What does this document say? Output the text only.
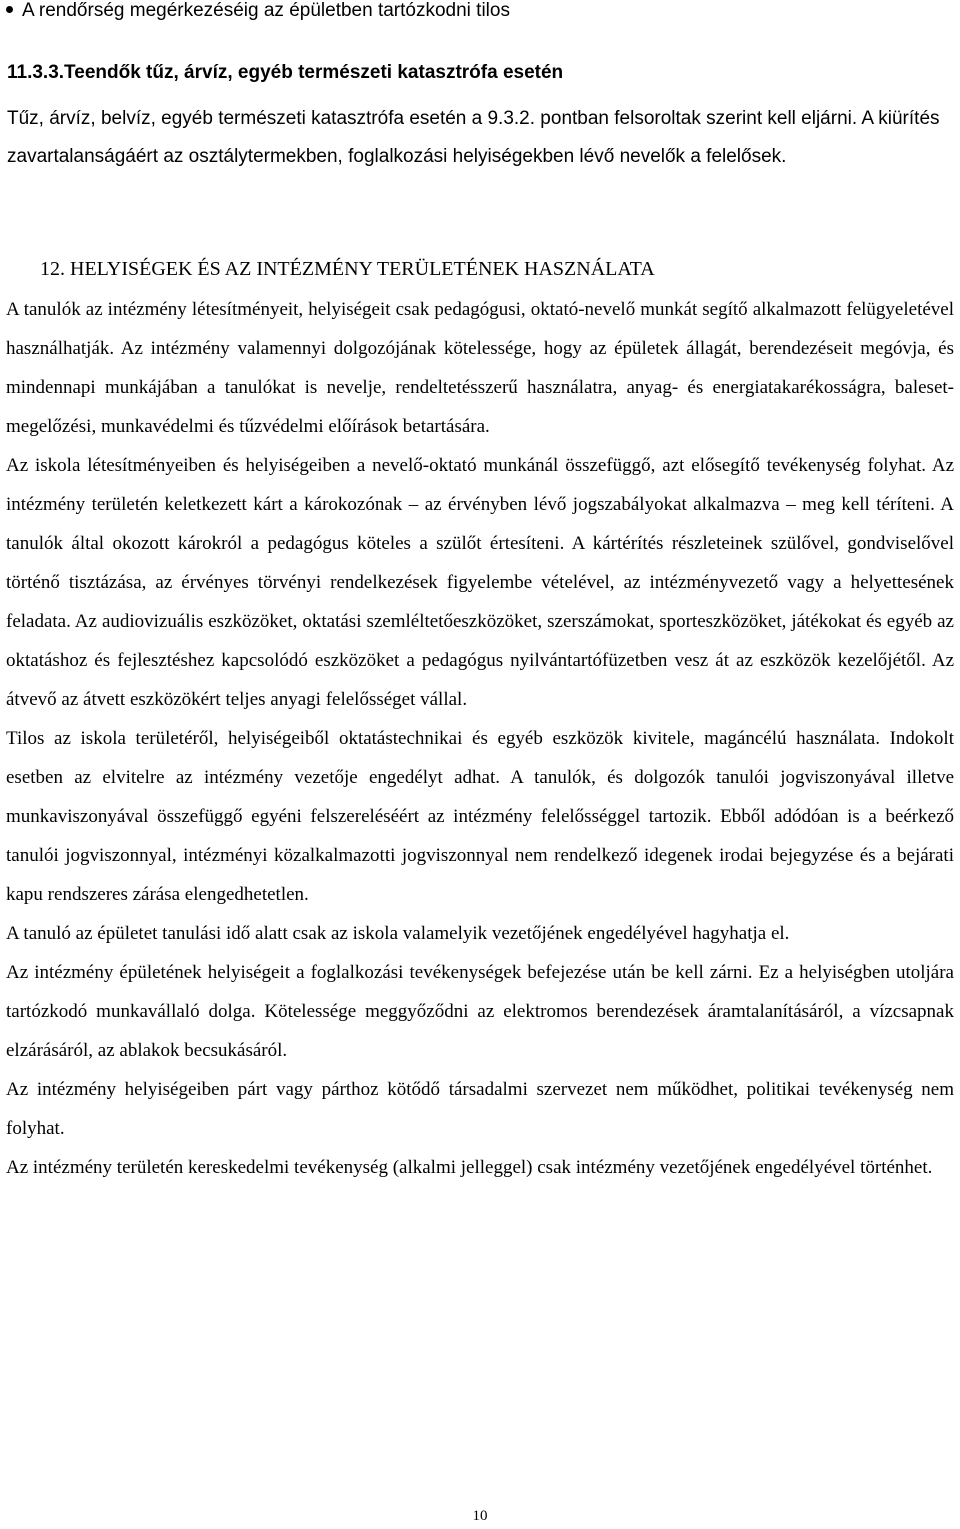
A rendőrség megérkezéséig az épületben tartózkodni tilos
11.3.3.Teendők tűz, árvíz, egyéb természeti katasztrófa esetén

Tűz, árvíz, belvíz, egyéb természeti katasztrófa esetén a 9.3.2. pontban felsoroltak szerint kell eljárni. A kiürítés zavartalanságáért az osztálytermekben, foglalkozási helyiségekben lévő nevelők a felelősek.

12. HELYISÉGEK ÉS AZ INTÉZMÉNY TERÜLETÉNEK HASZNÁLATA

A tanulók az intézmény létesítményeit, helyiségeit csak pedagógusi, oktató-nevelő munkát segítő alkalmazott felügyeletével használhatják. Az intézmény valamennyi dolgozójának kötelessége, hogy az épületek állagát, berendezéseit megóvja, és mindennapi munkájában a tanulókat is nevelje, rendeltetésszerű használatra, anyag- és energiatakarékosságra, baleset-megelőzési, munkavédelmi és tűzvédelmi előírások betartására.

Az iskola létesítményeiben és helyiségeiben a nevelő-oktató munkánál összefüggő, azt elősegítő tevékenység folyhat. Az intézmény területén keletkezett kárt a károkozónak – az érvényben lévő jogszabályokat alkalmazva – meg kell téríteni. A tanulók által okozott károkról a pedagógus köteles a szülőt értesíteni. A kártérítés részleteinek szülővel, gondviselővel történő tisztázása, az érvényes törvényi rendelkezések figyelembe vételével, az intézményvezető vagy a helyettesének feladata. Az audiovizuális eszközöket, oktatási szemléltetőeszközöket, szerszámokat, sporteszközöket, játékokat és egyéb az oktatáshoz és fejlesztéshez kapcsolódó eszközöket a pedagógus nyilvántartófüzetben vesz át az eszközök kezelőjétől. Az átvevő az átvett eszközökért teljes anyagi felelősséget vállal.

Tilos az iskola területéről, helyiségeiből oktatástechnikai és egyéb eszközök kivitele, magáncélú használata. Indokolt esetben az elvitelre az intézmény vezetője engedélyt adhat. A tanulók, és dolgozók tanulói jogviszonyával illetve munkaviszonyával összefüggő egyéni felszereléséért az intézmény felelősséggel tartozik. Ebből adódóan is a beérkező tanulói jogviszonnyal, intézményi közalkalmazotti jogviszonnyal nem rendelkező idegenek irodai bejegyzése és a bejárati kapu rendszeres zárása elengedhetetlen.

A tanuló az épületet tanulási idő alatt csak az iskola valamelyik vezetőjének engedélyével hagyhatja el.

Az intézmény épületének helyiségeit a foglalkozási tevékenységek befejezése után be kell zárni. Ez a helyiségben utoljára tartózkodó munkavállaló dolga. Kötelessége meggyőződni az elektromos berendezések áramtalanításáról, a vízcsapnak elzárásáról, az ablakok becsukásáról.

Az intézmény helyiségeiben párt vagy párthoz kötődő társadalmi szervezet nem működhet, politikai tevékenység nem folyhat.

Az intézmény területén kereskedelmi tevékenység (alkalmi jelleggel) csak intézmény vezetőjének engedélyével történhet.

10
